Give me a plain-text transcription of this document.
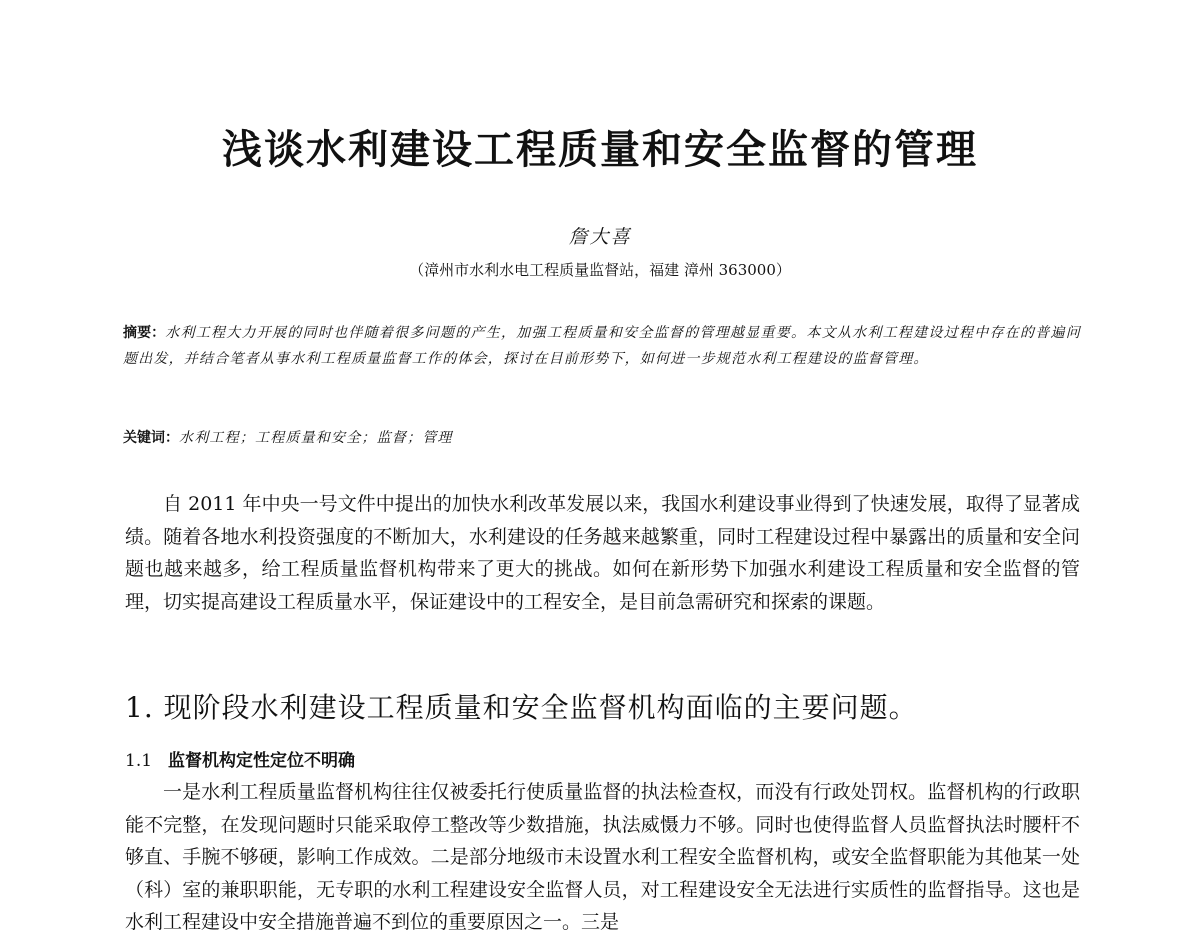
浅谈水利建设工程质量和安全监督的管理
詹大喜
（漳州市水利水电工程质量监督站，福建 漳州 363000）
摘要：水利工程大力开展的同时也伴随着很多问题的产生，加强工程质量和安全监督的管理越显重要。本文从水利工程建设过程中存在的普遍问题出发，并结合笔者从事水利工程质量监督工作的体会，探讨在目前形势下，如何进一步规范水利工程建设的监督管理。
关键词：水利工程；工程质量和安全；监督；管理

自 2011 年中央一号文件中提出的加快水利改革发展以来，我国水利建设事业得到了快速发展，取得了显著成绩。随着各地水利投资强度的不断加大，水利建设的任务越来越繁重，同时工程建设过程中暴露出的质量和安全问题也越来越多，给工程质量监督机构带来了更大的挑战。如何在新形势下加强水利建设工程质量和安全监督的管理，切实提高建设工程质量水平，保证建设中的工程安全，是目前急需研究和探索的课题。

1. 现阶段水利建设工程质量和安全监督机构面临的主要问题。
1.1 监督机构定性定位不明确

一是水利工程质量监督机构往往仅被委托行使质量监督的执法检查权，而没有行政处罚权。监督机构的行政职能不完整，在发现问题时只能采取停工整改等少数措施，执法威慑力不够。同时也使得监督人员监督执法时腰杆不够直、手腕不够硬，影响工作成效。二是部分地级市未设置水利工程安全监督机构，或安全监督职能为其他某一处（科）室的兼职职能，无专职的水利工程建设安全监督人员，对工程建设安全无法进行实质性的监督指导。这也是水利工程建设中安全措施普遍不到位的重要原因之一。三是
